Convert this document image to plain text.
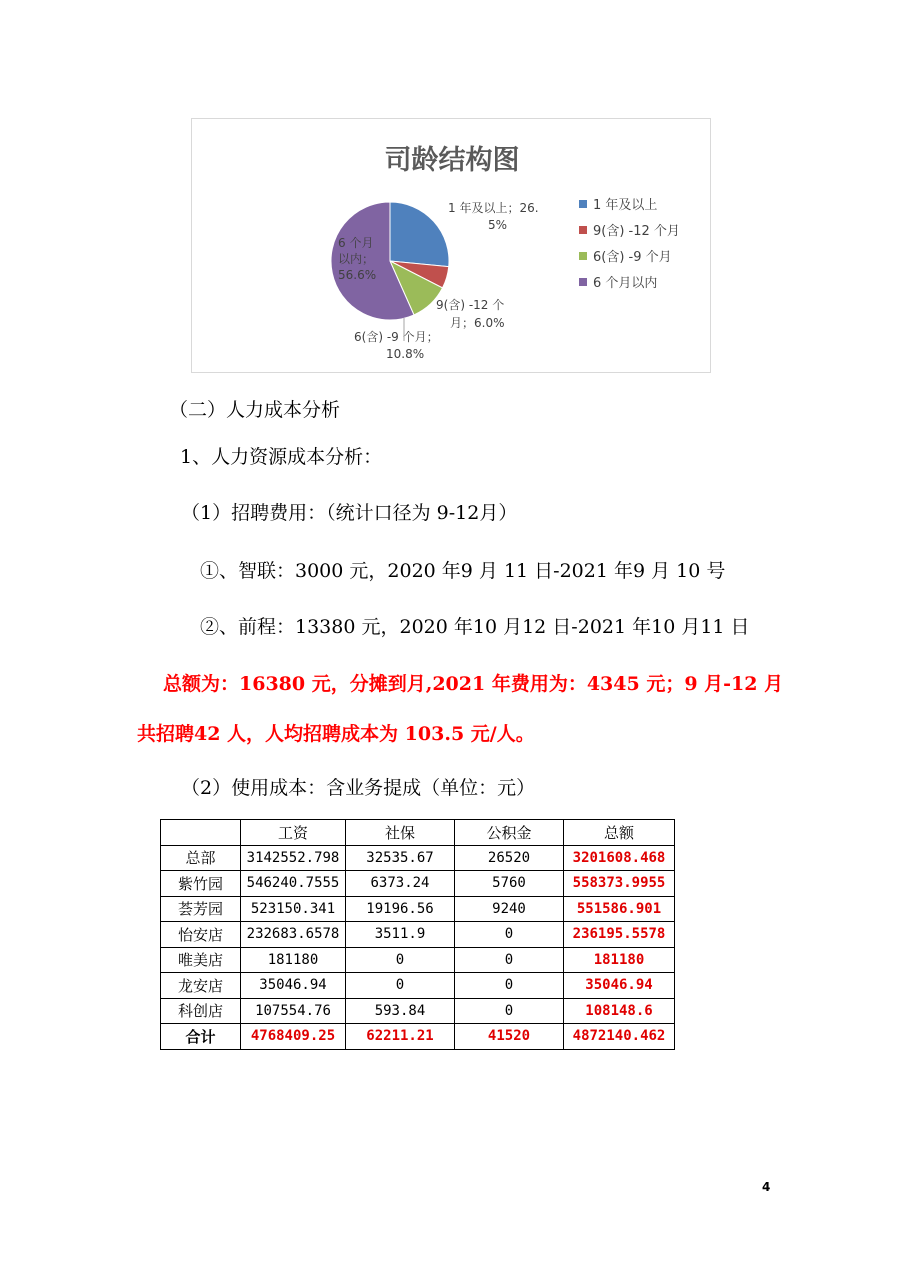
司龄结构图
1 年及以上；26.
5%
9(含) -12 个
月；6.0%
6(含) -9 个月；
10.8%
6 个月
以内；
56.6%
1 年及以上
9(含) -12 个月
6(含) -9 个月
6 个月以内
（二）人力成本分析
1、人力资源成本分析：
（1）招聘费用：（统计口径为 9-12月）
①、智联：3000 元，2020 年9 月 11 日-2021 年9 月 10 号
②、前程：13380 元，2020 年10 月12 日-2021 年10 月11 日
总额为：16380 元，分摊到月,2021 年费用为：4345 元；9 月-12 月
共招聘42 人，人均招聘成本为 103.5 元/人。
（2）使用成本：含业务提成（单位：元）
	工资	社保	公积金	总额
总部	3142552.798	32535.67	26520	3201608.468
紫竹园	546240.7555	6373.24	5760	558373.9955
荟芳园	523150.341	19196.56	9240	551586.901
怡安店	232683.6578	3511.9	0	236195.5578
唯美店	181180	0	0	181180
龙安店	35046.94	0	0	35046.94
科创店	107554.76	593.84	0	108148.6
合计	4768409.25	62211.21	41520	4872140.462
4
